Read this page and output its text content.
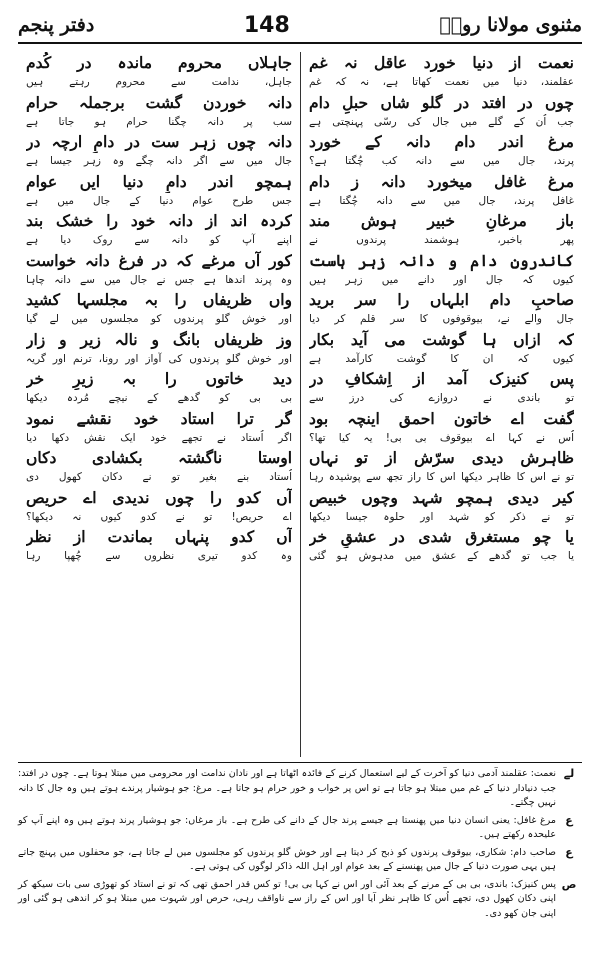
مثنوی مولانا رومؒ
148
دفتر پنجم
نعمت از دنیا خورد عاقل نہ غم
عقلمند، دنیا میں نعمت کھاتا ہے، نہ کہ غم
چوں در افتد در گلو شاں حبلِ دام
جب اُن کے گلے میں جال کی رسّی پہنچتی ہے
مرغ اندر دام دانہ کے خورد
پرند، جال میں سے دانہ کب چُگتا ہے؟
مرغ غافل میخورد دانہ ز دام
غافل پرند، جال میں سے دانہ چُگتا ہے
باز مرغانِ خبیر ہوش مند
پھر باخبر، ہوشمند پرندوں نے
کاندرونِ دام و دانہ زہر ہاست
کیوں کہ جال اور دانے میں زہر ہیں
صاحبِ دام ابلہاں را سر برید
جال والے نے، بیوقوفوں کا سر قلم کر دیا
کہ ازاں ہا گوشت می آید بکار
کیوں کہ ان کا گوشت کارآمد ہے
پس کنیزک آمد از اِشکافِ در
تو باندی نے دروازے کی درز سے
گفت اے خاتون احمق اینچہ بود
اُس نے کہا اے بیوقوف بی بی! یہ کیا تھا؟
ظاہرش دیدی سرّش از تو نہاں
تو نے اس کا ظاہر دیکھا اس کا راز تجھ سے پوشیدہ رہا
کیر دیدی ہمچو شہد وچوں خبیص
تو نے ذکر کو شہد اور حلوہ جیسا دیکھا
یا چو مستغرق شدی در عشقِ خر
یا جب تو گدھے کے عشق میں مدہوش ہو گئی
جاہلاں محروم ماندہ در کُدم
جاہل، ندامت سے محروم رہتے ہیں
دانہ خوردن گشت برجملہ حرام
سب پر دانہ چگنا حرام ہو جاتا ہے
دانہ چوں زہر ست در دامِ ارچہ در
جال میں سے اگر دانہ چگے وہ زہر جیسا ہے
ہمچو اندر دامِ دنیا ایں عوام
جس طرح عوام دنیا کے جال میں ہے
کردہ اند از دانہ خود را خشک بند
اپنے آپ کو دانہ سے روک دیا ہے
کور آں مرغے کہ در فرغ دانہ خواست
وہ پرند اندھا ہے جس نے جال میں سے دانہ چاہا
واں ظریفاں را بہ مجلسہا کشید
اور خوش گلو پرندوں کو مجلسوں میں لے گیا
وز ظریفاں بانگ و نالہ زیر و زار
اور خوش گلو پرندوں کی آواز اور رونا، ترنم اور گریہ
دید خاتوں را بہ زیرِ خر
بی بی کو گدھے کے نیچے مُردہ دیکھا
گر ترا استاد خود نقشے نمود
اگر اُستاد نے تجھے خود ایک نقش دکھا دیا
اوستا ناگشتہ بکشادی دکاں
اُستاد بنے بغیر تو نے دکان کھول دی
آں کدو را چوں ندیدی اے حریص
اے حریص! تو نے کدو کیوں نہ دیکھا؟
آں کدو پنہاں بماندت از نظر
وہ کدو تیری نظروں سے چُھپا رہا
لے
نعمت: عقلمند آدمی دنیا کو آخرت کے لیے استعمال کرنے کے فائدہ اٹھاتا ہے اور نادان ندامت اور محرومی میں مبتلا ہوتا ہے۔ چوں در افتد: جب دنیادار دنیا کے غم میں مبتلا ہو جاتا ہے تو اس پر خواب و خور حرام ہو جاتا ہے۔ مرغ: جو ہوشیار پرندے ہوتے ہیں وہ جال کا دانہ نہیں چگتے۔
ع
مرغ غافل: یعنی انسان دنیا میں پھنستا ہے جیسے پرند جال کے دانے کی طرح ہے۔ باز مرغاں: جو ہوشیار پرند ہوتے ہیں وہ اپنے آپ کو علیحدہ رکھتے ہیں۔
ع
صاحب دام: شکاری، بیوقوف پرندوں کو ذبح کر دیتا ہے اور خوش گلو پرندوں کو مجلسوں میں لے جاتا ہے، جو محفلوں میں پہنچ جاتے ہیں یہی صورت دنیا کے جال میں پھنسنے کے بعد عوام اور اہل اللہ ذاکر لوگوں کی ہوتی ہے۔
ص
پس کنیزک: باندی، بی بی کے مرنے کے بعد آئی اور اس نے کہا بی بی! تو کس قدر احمق تھی کہ تو نے استاد کو تھوڑی سی بات سیکھ کر اپنی دکان کھول دی، تجھے اُس کا ظاہر نظر آیا اور اس کے راز سے ناواقف رہی، حرص اور شہوت میں مبتلا ہو کر اندھی ہو گئی اور اپنی جان کھو دی۔
